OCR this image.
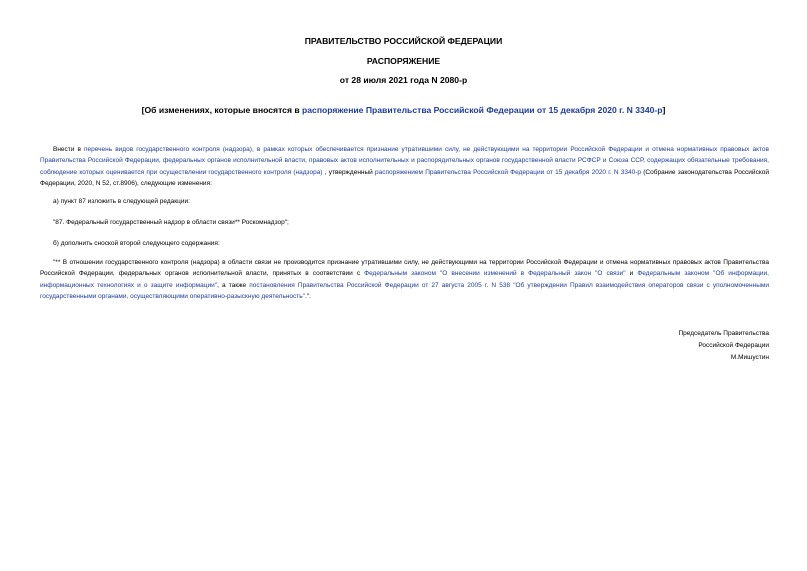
ПРАВИТЕЛЬСТВО РОССИЙСКОЙ ФЕДЕРАЦИИ
РАСПОРЯЖЕНИЕ
от 28 июля 2021 года N 2080-р
[Об изменениях, которые вносятся в распоряжение Правительства Российской Федерации от 15 декабря 2020 г. N 3340-р]
Внести в перечень видов государственного контроля (надзора), в рамках которых обеспечивается признание утратившими силу, не действующими на территории Российской Федерации и отмена нормативных правовых актов Правительства Российской Федерации, федеральных органов исполнительной власти, правовых актов исполнительных и распорядительных органов государственной власти РСФСР и Союза ССР, содержащих обязательные требования, соблюдение которых оценивается при осуществлении государственного контроля (надзора) , утвержденный распоряжением Правительства Российской Федерации от 15 декабря 2020 г. N 3340-р (Собрание законодательства Российской Федерации, 2020, N 52, ст.8906), следующие изменения:
а) пункт 87 изложить в следующей редакции:
"87. Федеральный государственный надзор в области связи** Роскомнадзор";
б) дополнить сноской второй следующего содержания:
"** В отношении государственного контроля (надзора) в области связи не производится признание утратившими силу, не действующими на территории Российской Федерации и отмена нормативных правовых актов Правительства Российской Федерации, федеральных органов исполнительной власти, принятых в соответствии с Федеральным законом "О внесении изменений в Федеральный закон "О связи" и Федеральным законом "Об информации, информационных технологиях и о защите информации", а также постановления Правительства Российской Федерации от 27 августа 2005 г. N 538 "Об утверждении Правил взаимодействия операторов связи с уполномоченными государственными органами, осуществляющими оперативно-разыскную деятельность".".
Председатель Правительства
Российской Федерации
М.Мишустин
